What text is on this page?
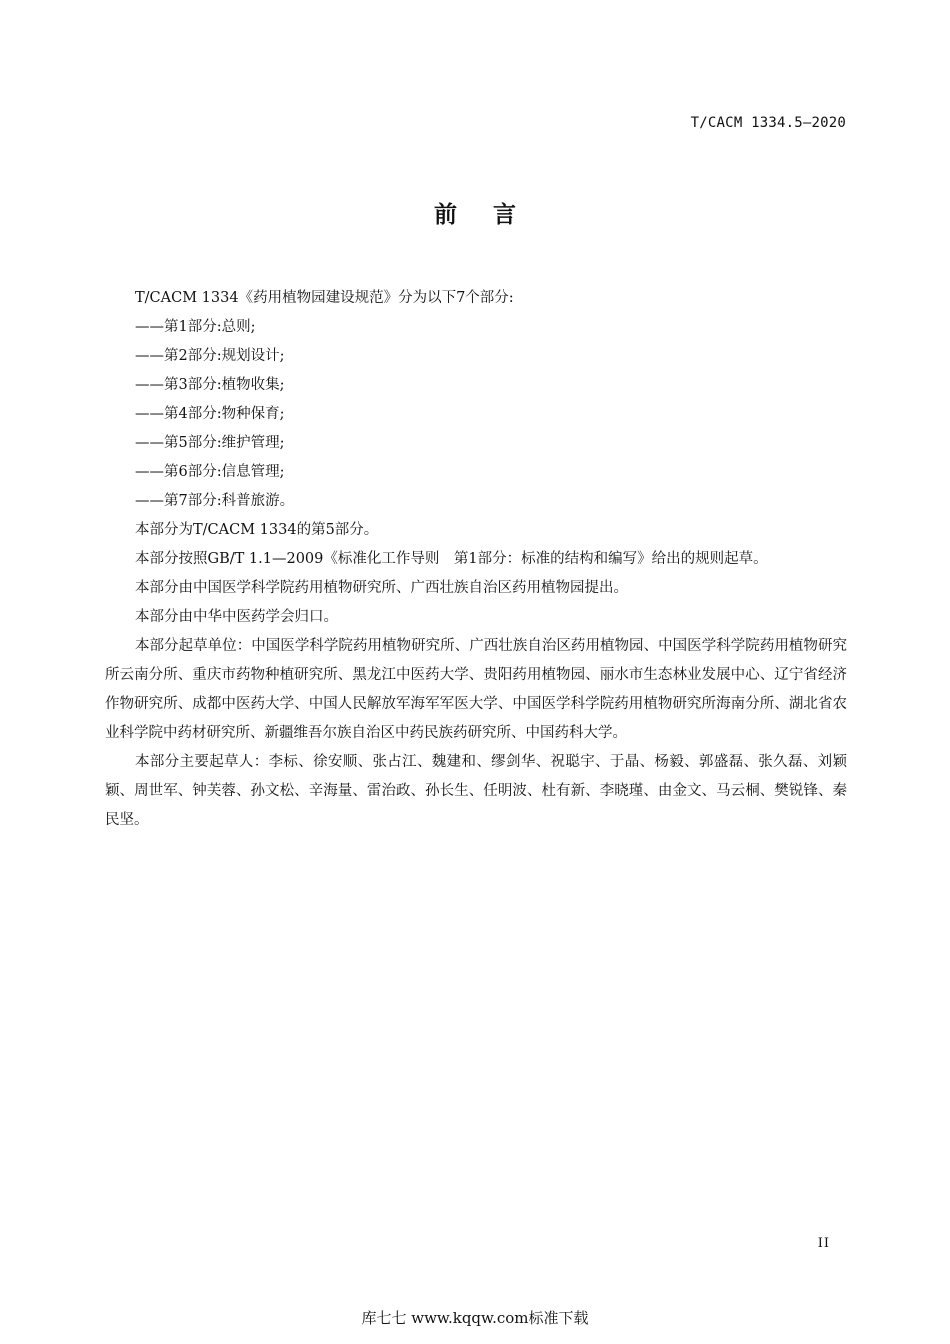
T/CACM 1334.5—2020
前言

T/CACM 1334《药用植物园建设规范》分为以下7个部分:

——第1部分:总则;

——第2部分:规划设计;

——第3部分:植物收集;

——第4部分:物种保育;

——第5部分:维护管理;

——第6部分:信息管理;

——第7部分:科普旅游。

本部分为T/CACM 1334的第5部分。

本部分按照GB/T 1.1—2009《标准化工作导则　第1部分：标准的结构和编写》给出的规则起草。

本部分由中国医学科学院药用植物研究所、广西壮族自治区药用植物园提出。

本部分由中华中医药学会归口。

本部分起草单位：中国医学科学院药用植物研究所、广西壮族自治区药用植物园、中国医学科学院药用植物研究所云南分所、重庆市药物种植研究所、黑龙江中医药大学、贵阳药用植物园、丽水市生态林业发展中心、辽宁省经济作物研究所、成都中医药大学、中国人民解放军海军军医大学、中国医学科学院药用植物研究所海南分所、湖北省农业科学院中药材研究所、新疆维吾尔族自治区中药民族药研究所、中国药科大学。

本部分主要起草人：李标、徐安顺、张占江、魏建和、缪剑华、祝聪宇、于晶、杨毅、郭盛磊、张久磊、刘颖颖、周世军、钟芙蓉、孙文松、辛海量、雷治政、孙长生、任明波、杜有新、李晓瑾、由金文、马云桐、樊锐锋、秦民坚。

II
库七七 www.kqqw.com标准下载
